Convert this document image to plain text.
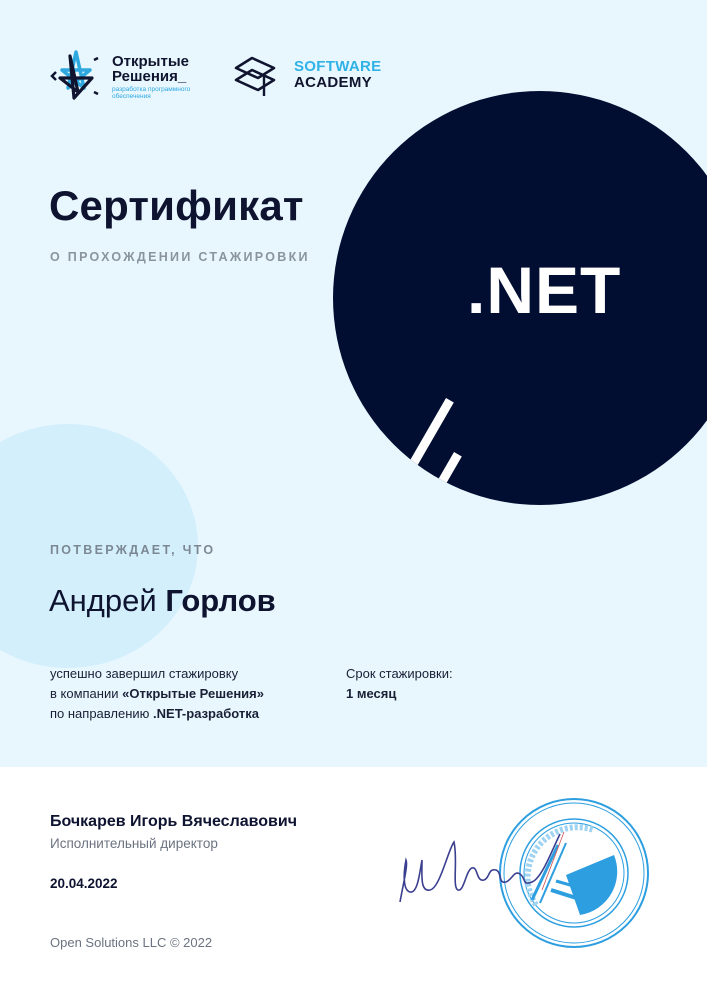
.NET
Открытые
Решения_
разработка программного обеспечения
SOFTWARE
ACADEMY
Сертификат
О ПРОХОЖДЕНИИ СТАЖИРОВКИ
ПОТВЕРЖДАЕТ, ЧТО
Андрей Горлов
успешно завершил стажировку
в компании «Открытые Решения»
по направлению .NET-разработка
Срок стажировки:
1 месяц
Бочкарев Игорь Вячеславович
Исполнительный директор
20.04.2022
Open Solutions LLC © 2022
